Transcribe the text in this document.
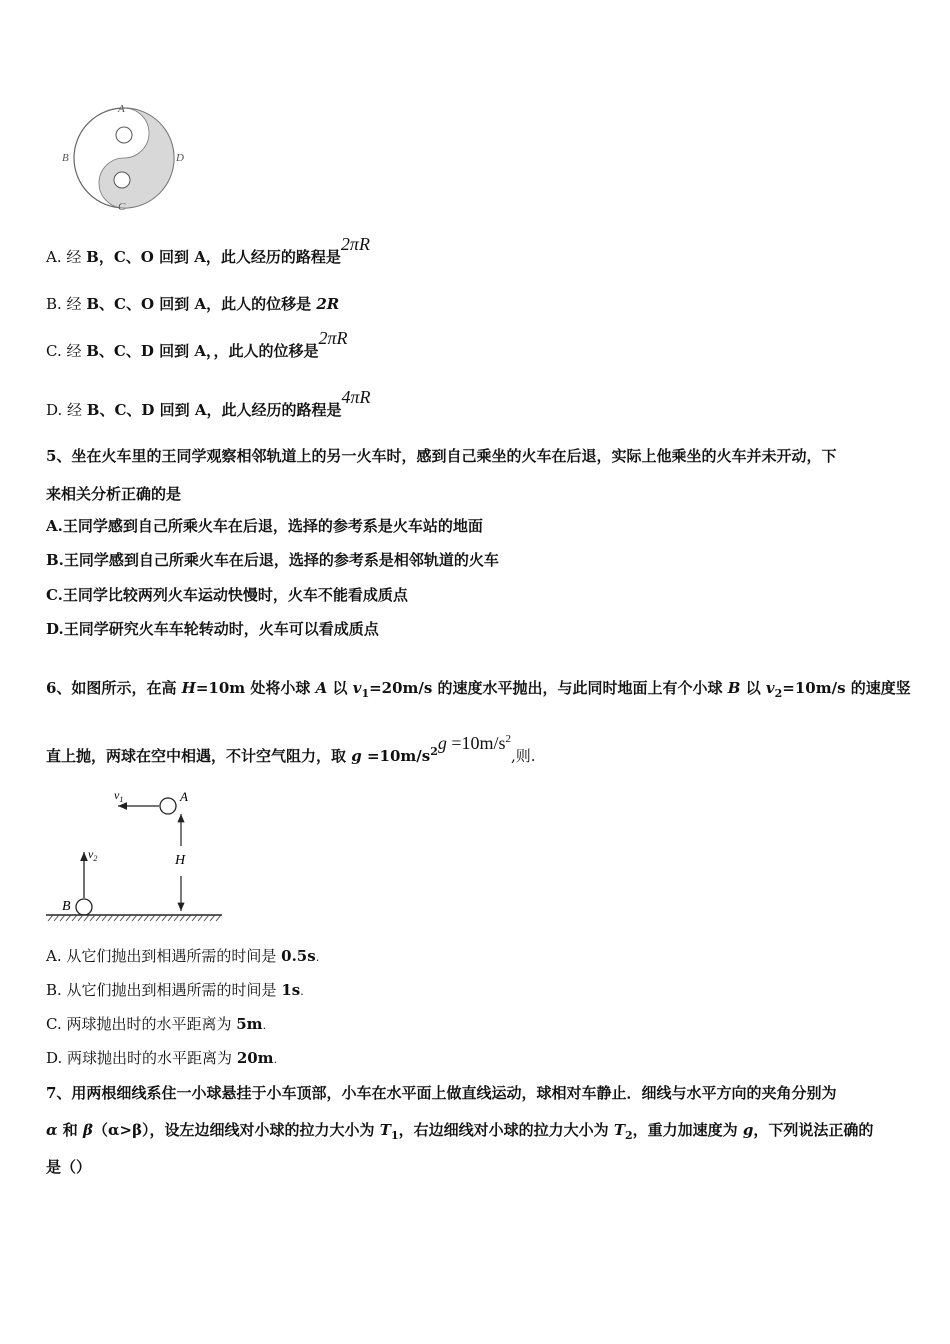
A
B	D
C
A. 经 B，C、O 回到 A，此人经历的路程是2πR
B. 经 B、C、O 回到 A，此人的位移是 2R
C. 经 B、C、D 回到 A，，此人的位移是2πR
D. 经 B、C、D 回到 A，此人经历的路程是4πR
5、坐在火车里的王同学观察相邻轨道上的另一火车时，感到自己乘坐的火车在后退，实际上他乘坐的火车并未开动，下
来相关分析正确的是
A.王同学感到自己所乘火车在后退，选择的参考系是火车站的地面
B.王同学感到自己所乘火车在后退，选择的参考系是相邻轨道的火车
C.王同学比较两列火车运动快慢时，火车不能看成质点
D.王同学研究火车车轮转动时，火车可以看成质点
6、如图所示，在高 H=10m 处将小球 A 以 $v_1=20m/s$ 的速度水平抛出，与此同时地面上有个小球 B 以 $v_2=10m/s$ 的速度竖
直上抛，两球在空中相遇，不计空气阻力，取 $g =10m/s^2g =10m/s^2$,则.
$v_1$	A
H
$v_2$
B
A. 从它们抛出到相遇所需的时间是 0.5s.
B. 从它们抛出到相遇所需的时间是 1s.
C. 两球抛出时的水平距离为 5m.
D. 两球抛出时的水平距离为 20m.
7、用两根细线系住一小球悬挂于小车顶部，小车在水平面上做直线运动，球相对车静止．细线与水平方向的夹角分别为
α 和 β（α>β），设左边细线对小球的拉力大小为 $T_1$，右边细线对小球的拉力大小为 $T_2$，重力加速度为 g，下列说法正确的
是（）
